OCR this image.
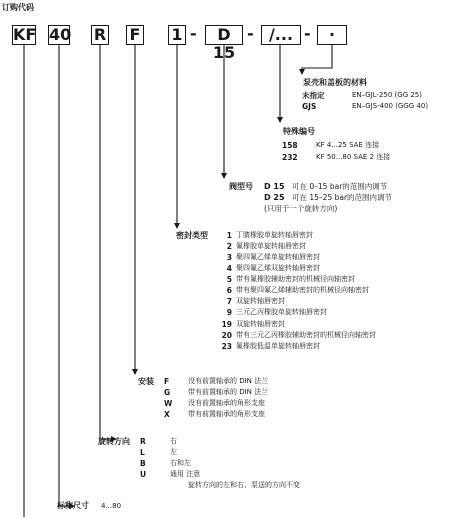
订购代码
KF 40 R F 1 -	D 15
- /... -	·
泵壳和盖板的材料
未指定	EN–GJL-250 (GG 25)
GJS	EN–GJS-400 (GGG 40)
特殊编号
158	KF 4...25 SAE 连接
232	KF 50...80 SAE 2 连接
阀型号 D 15 可在 0–15 bar的范围内调节
D 25 可在 15–25 bar的范围内调节
(只用于一个旋转方向)
密封类型	1 丁腈橡胶单旋转轴唇密封
2 氟橡胶单旋转轴唇密封
3 聚四氟乙烯单旋转轴唇密封
4 聚四氟乙烯双旋转轴唇密封
5 带有氟橡胶辅助密封的机械径向轴密封
6 带有聚四氟乙烯辅助密封的机械径向轴密封
7 双旋转轴唇密封
9 三元乙丙橡胶单旋转轴唇密封
19 双旋转轴唇密封
20 带有三元乙丙橡胶辅助密封的机械径向轴密封
23 氟橡胶低温单旋转轴唇密封
安装 F	没有前置轴承的 DIN 法兰
G	带有前置轴承的 DIN 法兰
W	没有前置轴承的角形支座
X	带有前置轴承的角形支座
旋转方向 R	右
L	左
B	右和左
U	通用 注意
旋转方向的左和右、泵送的方向不变
标称尺寸 4...80
